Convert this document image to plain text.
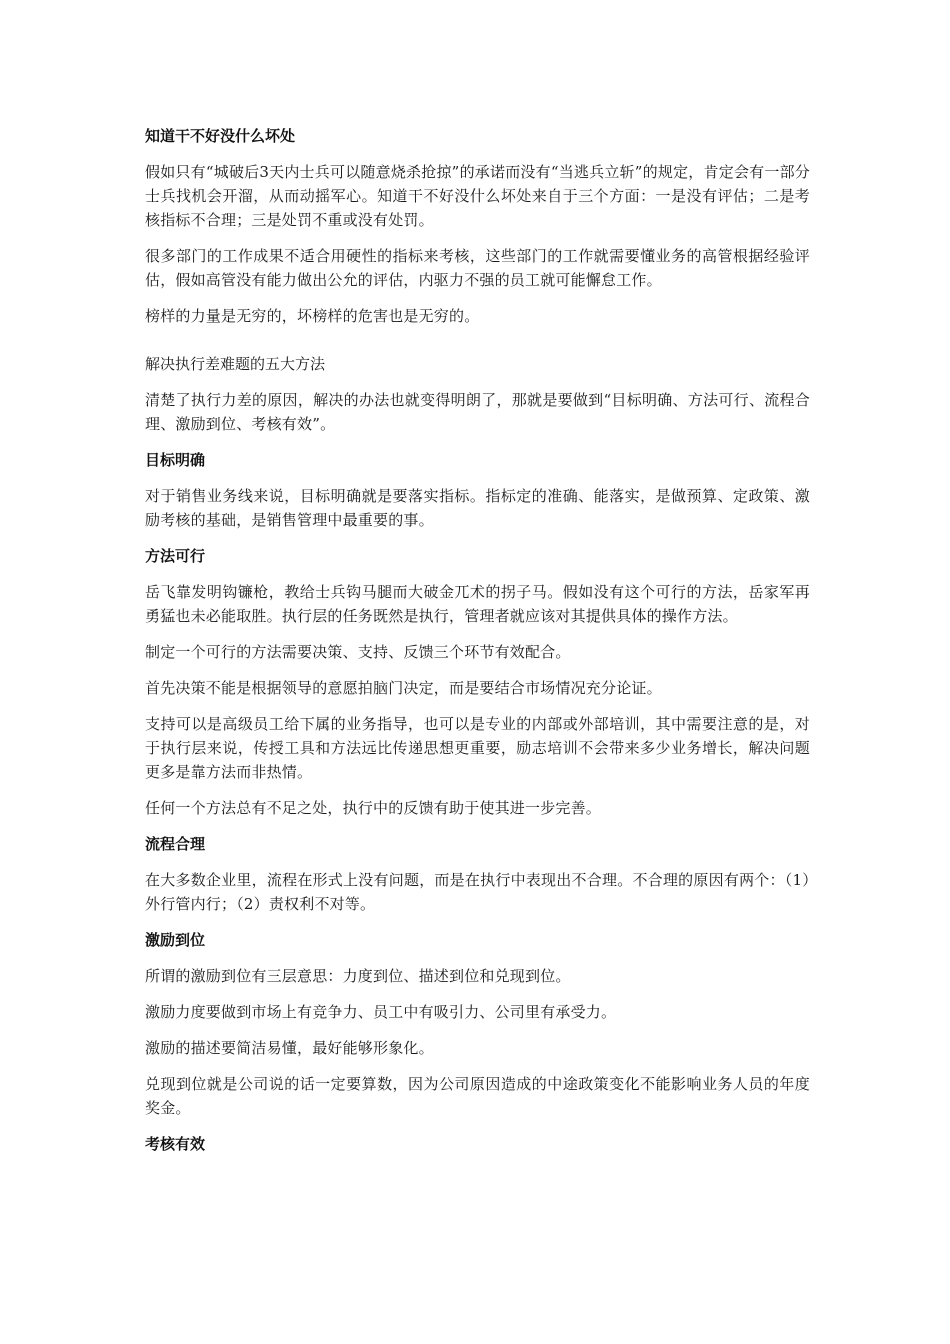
知道干不好没什么坏处

假如只有“城破后3天内士兵可以随意烧杀抢掠”的承诺而没有“当逃兵立斩”的规定，肯定会有一部分士兵找机会开溜，从而动摇军心。知道干不好没什么坏处来自于三个方面：一是没有评估；二是考核指标不合理；三是处罚不重或没有处罚。

很多部门的工作成果不适合用硬性的指标来考核，这些部门的工作就需要懂业务的高管根据经验评估，假如高管没有能力做出公允的评估，内驱力不强的员工就可能懈怠工作。

榜样的力量是无穷的，坏榜样的危害也是无穷的。

解决执行差难题的五大方法

清楚了执行力差的原因，解决的办法也就变得明朗了，那就是要做到“目标明确、方法可行、流程合理、激励到位、考核有效”。

目标明确

对于销售业务线来说，目标明确就是要落实指标。指标定的准确、能落实，是做预算、定政策、激励考核的基础，是销售管理中最重要的事。

方法可行

岳飞靠发明钩镰枪，教给士兵钩马腿而大破金兀术的拐子马。假如没有这个可行的方法，岳家军再勇猛也未必能取胜。执行层的任务既然是执行，管理者就应该对其提供具体的操作方法。

制定一个可行的方法需要决策、支持、反馈三个环节有效配合。

首先决策不能是根据领导的意愿拍脑门决定，而是要结合市场情况充分论证。

支持可以是高级员工给下属的业务指导，也可以是专业的内部或外部培训，其中需要注意的是，对于执行层来说，传授工具和方法远比传递思想更重要，励志培训不会带来多少业务增长，解决问题更多是靠方法而非热情。

任何一个方法总有不足之处，执行中的反馈有助于使其进一步完善。

流程合理

在大多数企业里，流程在形式上没有问题，而是在执行中表现出不合理。不合理的原因有两个：（1）外行管内行；（2）责权利不对等。

激励到位

所谓的激励到位有三层意思：力度到位、描述到位和兑现到位。

激励力度要做到市场上有竞争力、员工中有吸引力、公司里有承受力。

激励的描述要简洁易懂，最好能够形象化。

兑现到位就是公司说的话一定要算数，因为公司原因造成的中途政策变化不能影响业务人员的年度奖金。

考核有效
